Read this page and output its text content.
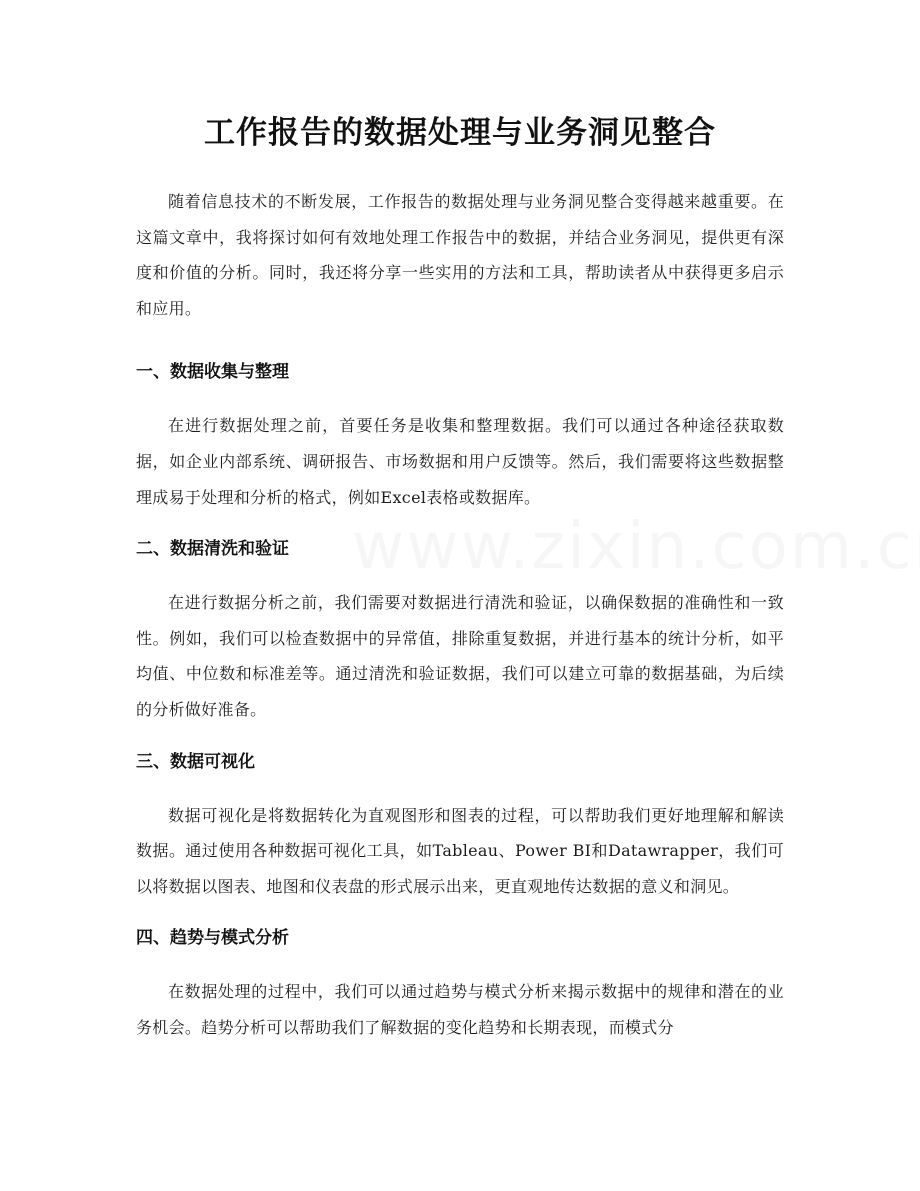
工作报告的数据处理与业务洞见整合

随着信息技术的不断发展，工作报告的数据处理与业务洞见整合变得越来越重要。在这篇文章中，我将探讨如何有效地处理工作报告中的数据，并结合业务洞见，提供更有深度和价值的分析。同时，我还将分享一些实用的方法和工具，帮助读者从中获得更多启示和应用。

一、数据收集与整理

在进行数据处理之前，首要任务是收集和整理数据。我们可以通过各种途径获取数据，如企业内部系统、调研报告、市场数据和用户反馈等。然后，我们需要将这些数据整理成易于处理和分析的格式，例如Excel表格或数据库。

二、数据清洗和验证

在进行数据分析之前，我们需要对数据进行清洗和验证，以确保数据的准确性和一致性。例如，我们可以检查数据中的异常值，排除重复数据，并进行基本的统计分析，如平均值、中位数和标准差等。通过清洗和验证数据，我们可以建立可靠的数据基础，为后续的分析做好准备。

三、数据可视化

数据可视化是将数据转化为直观图形和图表的过程，可以帮助我们更好地理解和解读数据。通过使用各种数据可视化工具，如Tableau、Power BI和Datawrapper，我们可以将数据以图表、地图和仪表盘的形式展示出来，更直观地传达数据的意义和洞见。

四、趋势与模式分析

在数据处理的过程中，我们可以通过趋势与模式分析来揭示数据中的规律和潜在的业务机会。趋势分析可以帮助我们了解数据的变化趋势和长期表现，而模式分
